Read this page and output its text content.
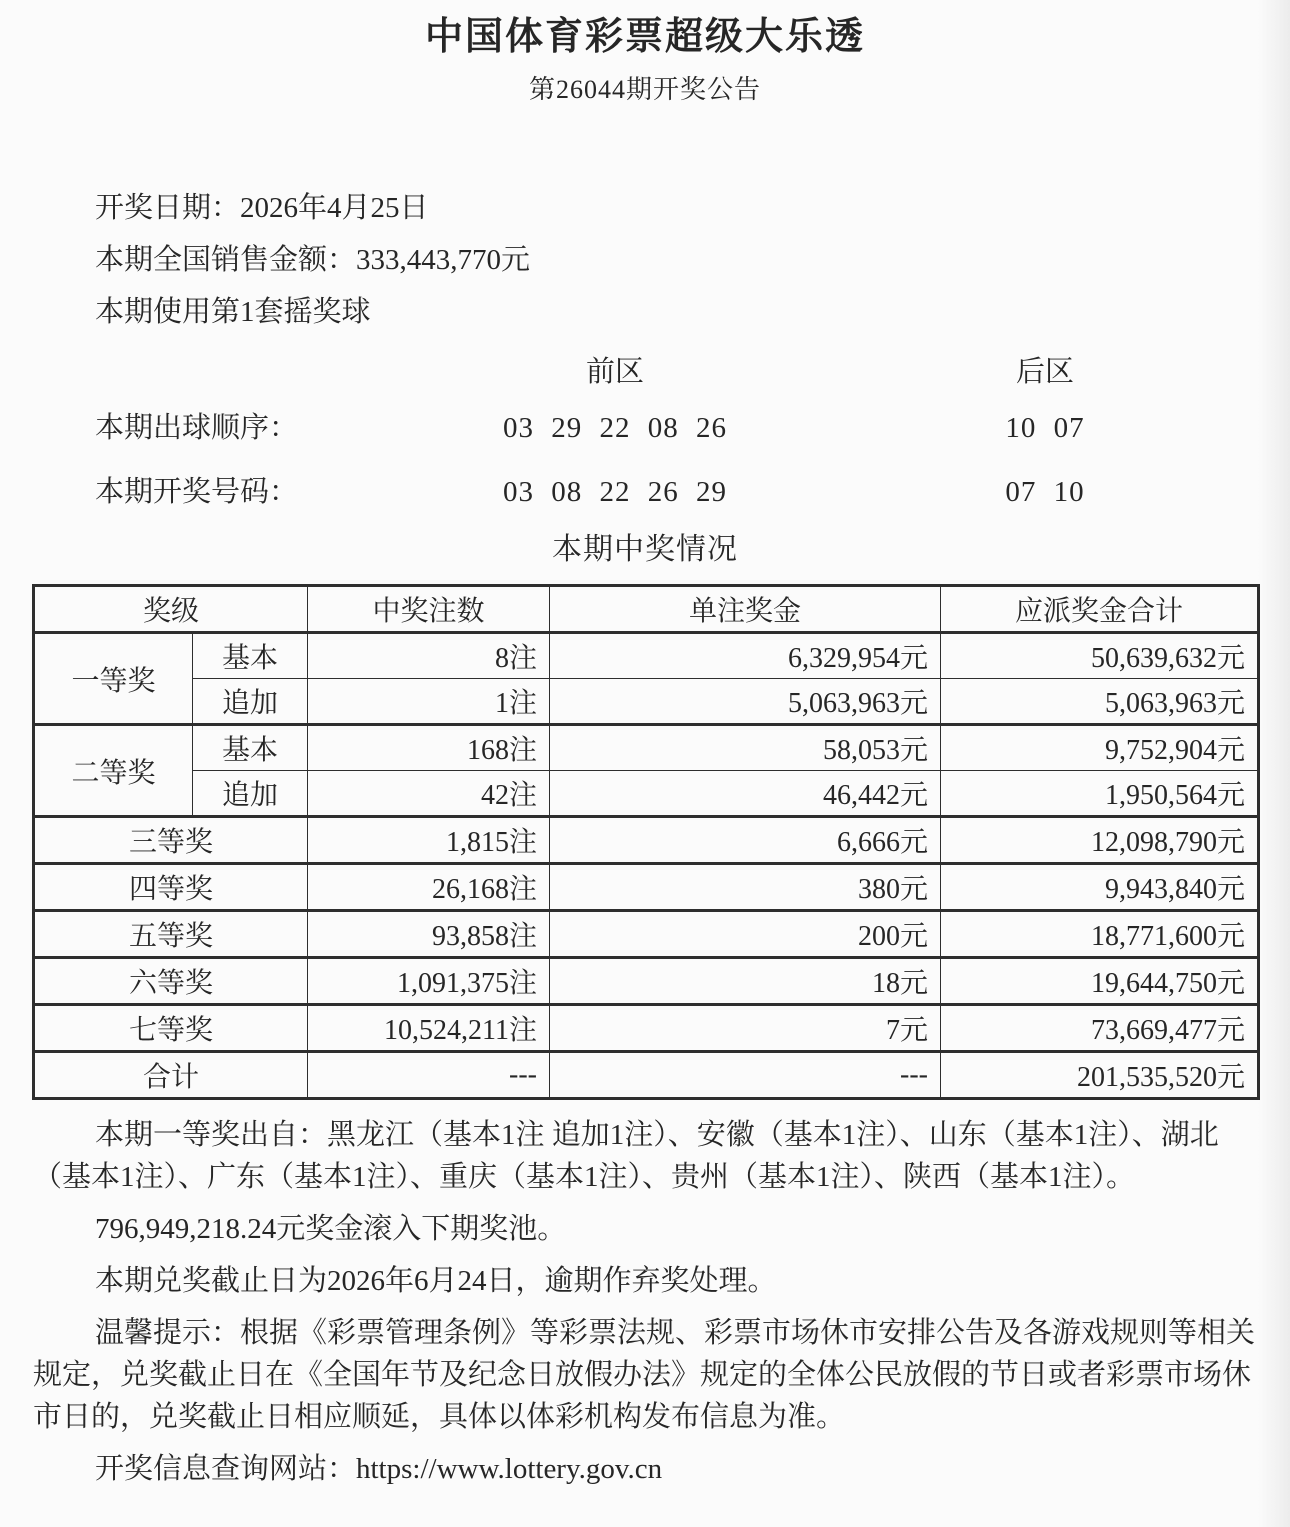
中国体育彩票超级大乐透
第26044期开奖公告
开奖日期：2026年4月25日
本期全国销售金额：333,443,770元
本期使用第1套摇奖球
前区	后区
本期出球顺序：	03 29 22 08 26	10 07
本期开奖号码：	03 08 22 26 29	07 10
本期中奖情况
奖级		中奖注数	单注奖金	应派奖金合计
一等奖	基本	8注	6,329,954元	50,639,632元
	追加	1注	5,063,963元	5,063,963元
二等奖	基本	168注	58,053元	9,752,904元
	追加	42注	46,442元	1,950,564元
三等奖		1,815注	6,666元	12,098,790元
四等奖		26,168注	380元	9,943,840元
五等奖		93,858注	200元	18,771,600元
六等奖		1,091,375注	18元	19,644,750元
七等奖		10,524,211注	7元	73,669,477元
合计		---	---	201,535,520元

本期一等奖出自：黑龙江（基本1注 追加1注）、安徽（基本1注）、山东（基本1注）、湖北（基本1注）、广东（基本1注）、重庆（基本1注）、贵州（基本1注）、陕西（基本1注）。

796,949,218.24元奖金滚入下期奖池。

本期兑奖截止日为2026年6月24日，逾期作弃奖处理。

温馨提示：根据《彩票管理条例》等彩票法规、彩票市场休市安排公告及各游戏规则等相关规定，兑奖截止日在《全国年节及纪念日放假办法》规定的全体公民放假的节日或者彩票市场休市日的，兑奖截止日相应顺延，具体以体彩机构发布信息为准。

开奖信息查询网站：https://www.lottery.gov.cn
